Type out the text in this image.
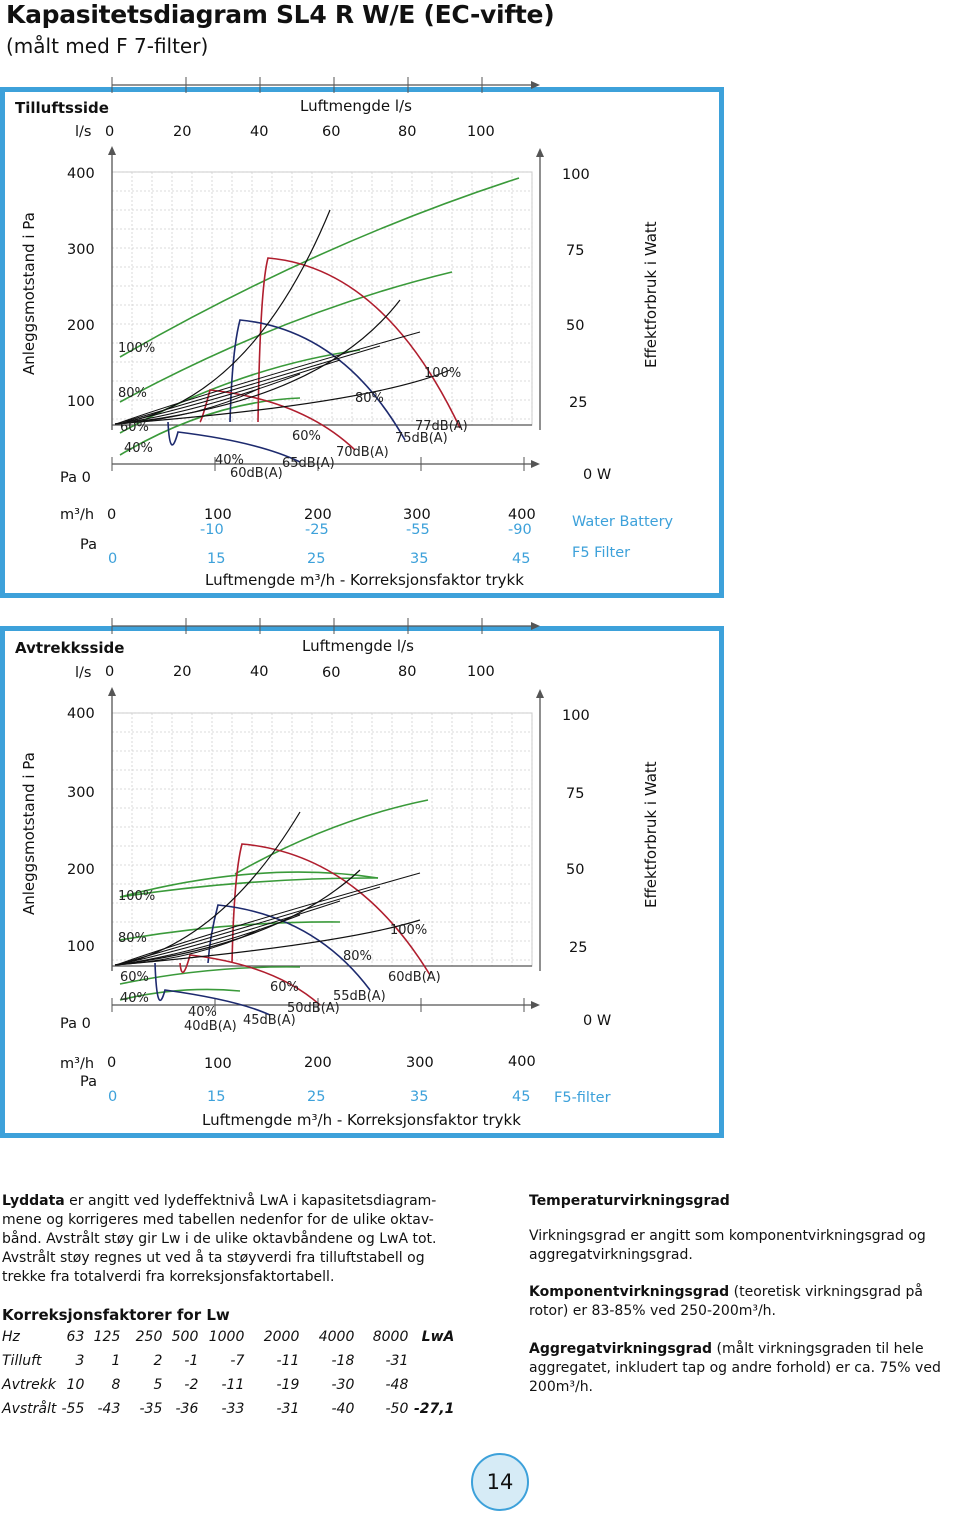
Kapasitetsdiagram SL4 R W/E (EC-vifte)
(målt med F 7-filter)
Tilluftsside	Luftmengde l/s
l/s 0	20	40	60	80	100
Anleggsmotstand i Pa
400
300
200
100
Pa 0
Effektforbruk i Watt
100
75
50
25
0 W
100%
80%
60%
40%
100%
80%
60%
40%
77dB(A)
75dB(A)
70dB(A)
65dB(A)
60dB(A)
m³/h 0	100	200	300	400
-10	-25	-55	-90
Pa
0	15	25	35	45
Luftmengde m³/h - Korreksjonsfaktor trykk
Water Battery
F5 Filter
Avtrekksside	Luftmengde l/s
l/s 0	20	40	60	80	100
Anleggsmotstand i Pa
400
300
200
100
Pa 0
Effektforbruk i Watt
100
75
50
25
0 W
100%
80%
60%
40%
100%
80%
60%
40%
60dB(A)
55dB(A)
50dB(A)
45dB(A)
40dB(A)
m³/h 0	100	200	300	400
Pa
0	15	25	35	45
Luftmengde m³/h - Korreksjonsfaktor trykk
F5-filter
Lyddata er angitt ved lydeffektnivå LwA i kapasitetsdiagram-mene og korrigeres med tabellen nedenfor for de ulike oktav-bånd. Avstrålt støy gir Lw i de ulike oktavbåndene og LwA tot. Avstrålt støy regnes ut ved å ta støyverdi fra tilluftstabell og trekke fra totalverdi fra korreksjonsfaktortabell.
Korreksjonsfaktorer for Lw
Hz	63	125	250	500	1000	2000	4000	8000	LwA
Tilluft	3	1	2	-1	-7	-11	-18	-31	
Avtrekk	10	8	5	-2	-11	-19	-30	-48	
Avstrålt	-55	-43	-35	-36	-33	-31	-40	-50	-27,1
Temperaturvirkningsgrad
Virkningsgrad er angitt som komponentvirkningsgrad og aggregatvirkningsgrad.
Komponentvirkningsgrad (teoretisk virkningsgrad på rotor) er 83-85% ved 250-200m³/h.
Aggregatvirkningsgrad (målt virkningsgraden til hele aggregatet, inkludert tap og andre forhold) er ca. 75% ved 200m³/h.
14
